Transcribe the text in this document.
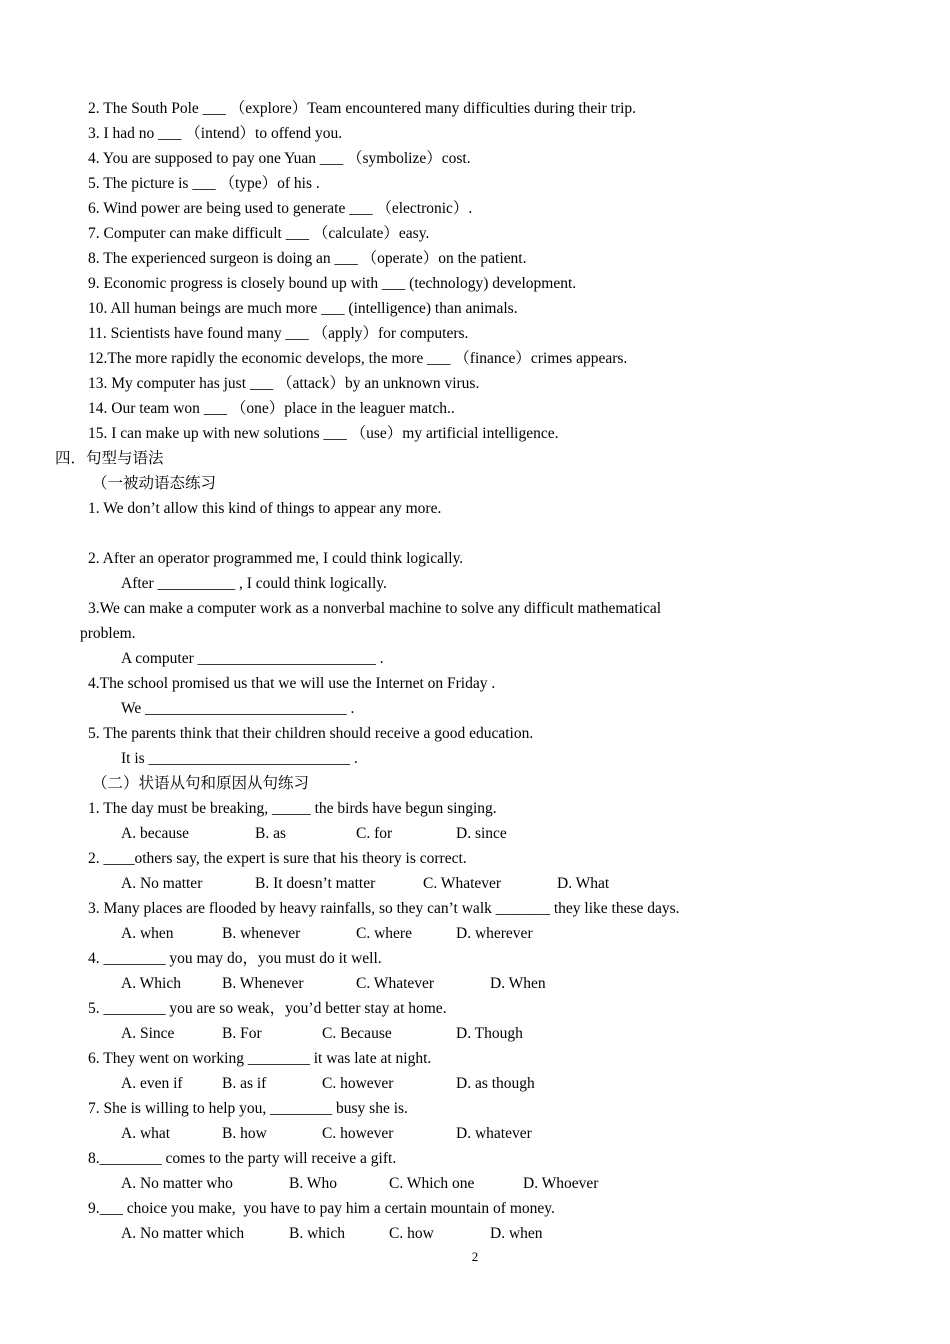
2. The South Pole ___ （explore）Team encountered many difficulties during their trip.
3. I had no ___ （intend）to offend you.
4. You are supposed to pay one Yuan ___ （symbolize）cost.
5. The picture is ___ （type）of his .
6. Wind power are being used to generate ___ （electronic）.
7. Computer can make difficult ___ （calculate）easy.
8. The experienced surgeon is doing an ___ （operate）on the patient.
9. Economic progress is closely bound up with ___ (technology) development.
10. All human beings are much more ___ (intelligence) than animals.
11. Scientists have found many ___ （apply）for computers.
12.The more rapidly the economic develops, the more ___ （finance）crimes appears.
13. My computer has just ___ （attack）by an unknown virus.
14. Our team won ___ （one）place in the leaguer match..
15. I can make up with new solutions ___ （use）my artificial intelligence.
四．句型与语法
（一被动语态练习
1. We don’t allow this kind of things to appear any more.
2. After an operator programmed me, I could think logically.
After __________ , I could think logically.
3.We can make a computer work as a nonverbal machine to solve any difficult mathematical
problem.
A computer _______________________ .
4.The school promised us that we will use the Internet on Friday .
We __________________________ .
5. The parents think that their children should receive a good education.
It is __________________________ .
（二）状语从句和原因从句练习
1. The day must be breaking, _____ the birds have begun singing.

A. because

	B. as

	C. for

	D. since

2. ____others say, the expert is sure that his theory is correct.

A. No matter

	B. It doesn’t matter

	C. Whatever

	D. What

3. Many places are flooded by heavy rainfalls, so they can’t walk _______ they like these days.

A. when

	B. whenever

	C. where

	D. wherever

4. ________ you may do，you must do it well.

A. Which

	B. Whenever

	C. Whatever

	D. When

5. ________ you are so weak，you’d better stay at home.

A. Since

	B. For

	C. Because

	D. Though

6. They went on working ________ it was late at night.

A. even if

	B. as if

	C. however

	D. as though

7. She is willing to help you, ________ busy she is.

A. what

	B. how

	C. however

	D. whatever

8.________ comes to the party will receive a gift.

A. No matter who

	B. Who

	C. Which one

	D. Whoever

9.___ choice you make,  you have to pay him a certain mountain of money.

A. No matter which

	B. which

	C. how

	D. when

2
